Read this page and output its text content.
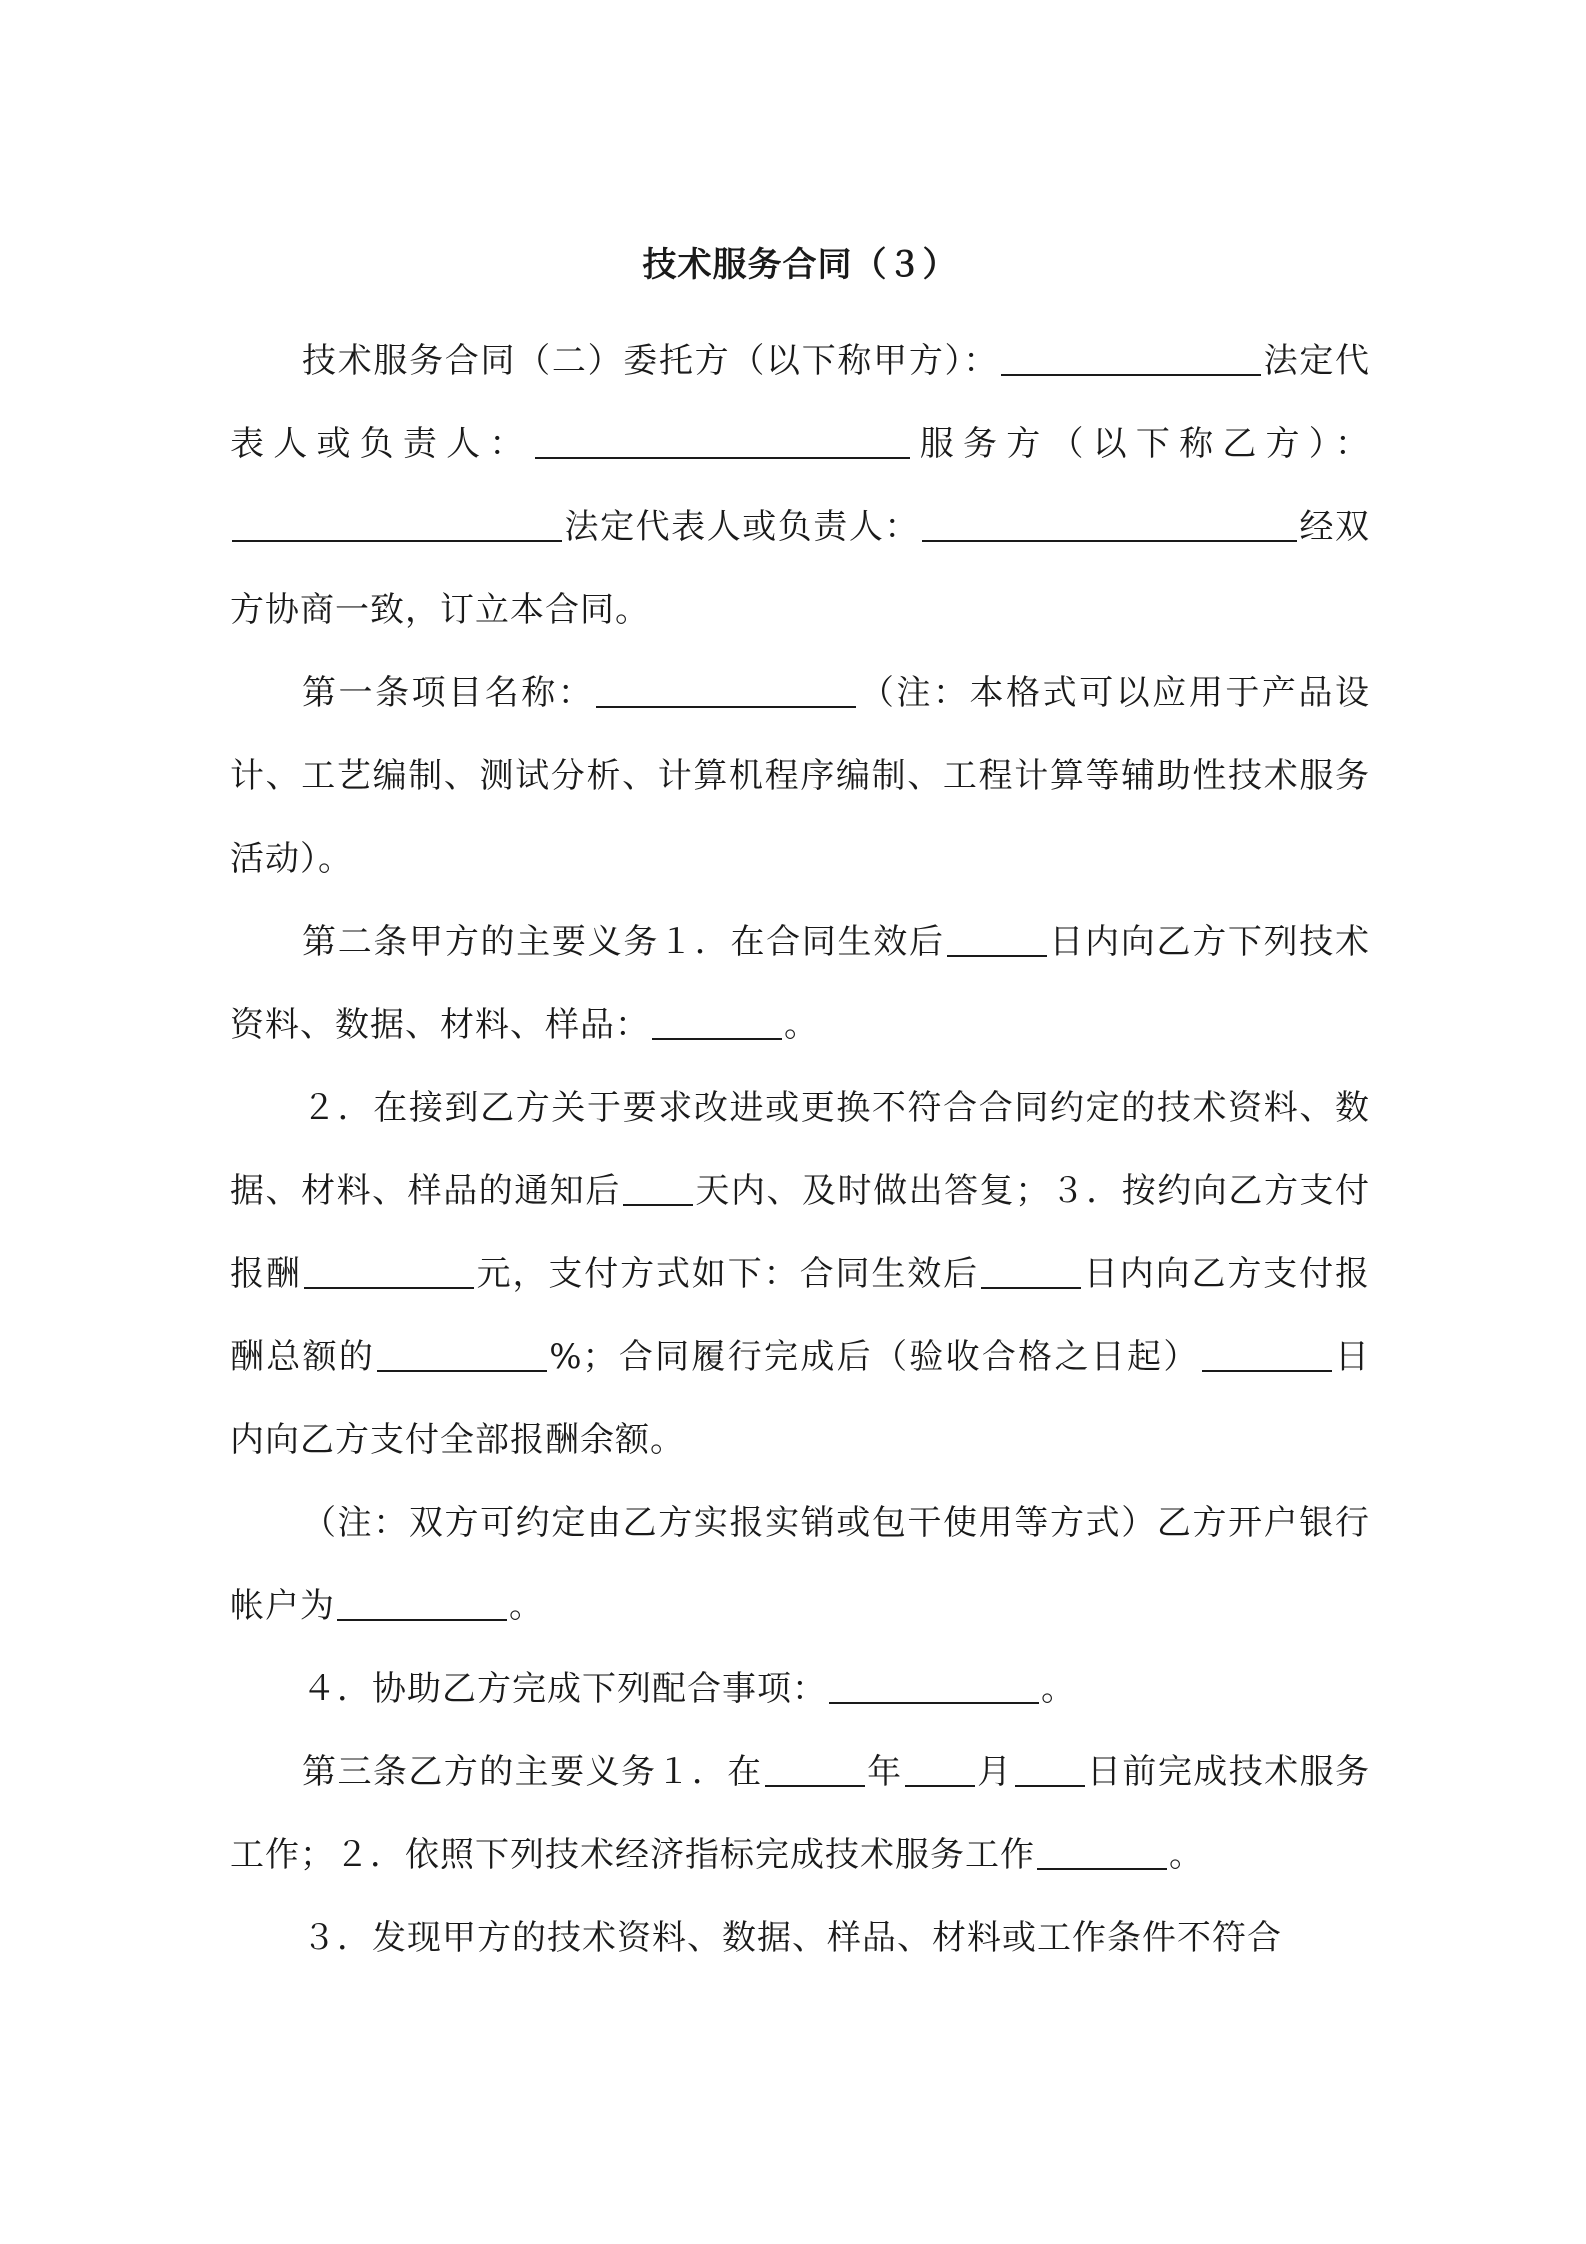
技术服务合同（３）

技术服务合同（二）委托方（以下称甲方）：	法定代表人或负责人：	服务方（以下称乙方）：法定代表人或负责人：	经双方协商一致，订立本合同。

第一条项目名称：	（注：本格式可以应用于产品设计、工艺编制、测试分析、计算机程序编制、工程计算等辅助性技术服务活动）。

第二条甲方的主要义务１．在合同生效后	日内向乙方下列技术资料、数据、材料、样品：	。

２．在接到乙方关于要求改进或更换不符合合同约定的技术资料、数据、材料、样品的通知后 天内、及时做出答复；３．按约向乙方支付报酬	元，支付方式如下：合同生效后	日内向乙方支付报酬总额的	%；合同履行完成后（验收合格之日起）	日内向乙方支付全部报酬余额。

（注：双方可约定由乙方实报实销或包干使用等方式）乙方开户银行帐户为	。

４．协助乙方完成下列配合事项：	。

第三条乙方的主要义务１．在	年 月 日前完成技术服务工作；２．依照下列技术经济指标完成技术服务工作	。

３．发现甲方的技术资料、数据、样品、材料或工作条件不符合
